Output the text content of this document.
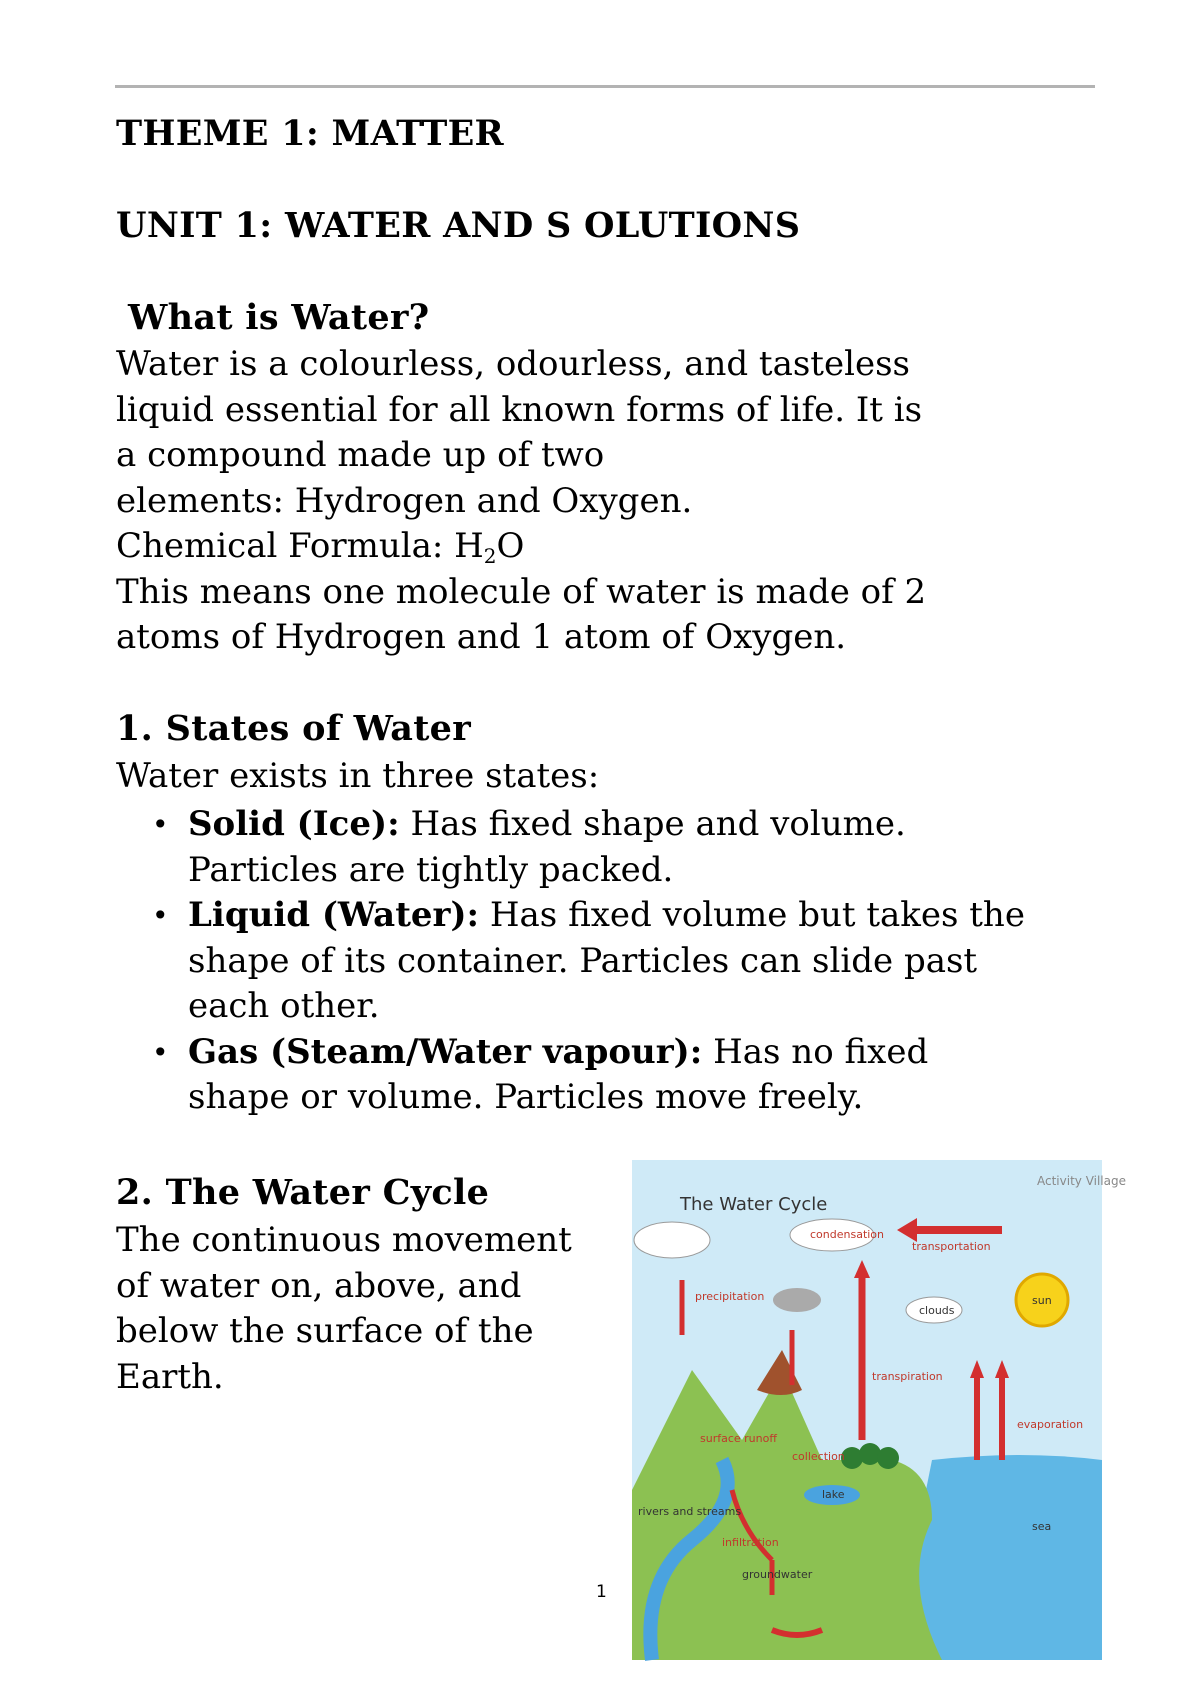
THEME 1: MATTER
UNIT 1: WATER AND S OLUTIONS
What is Water?

Water is a colourless, odourless, and tasteless

liquid essential for all known forms of life. It is

a compound made up of two

elements: Hydrogen and Oxygen.

Chemical Formula: $H_2O$

This means one molecule of water is made of 2

atoms of Hydrogen and 1 atom of Oxygen.

1. States of Water
Water exists in three states:
• Solid (Ice): Has fixed shape and volume.
Particles are tightly packed.
• Liquid (Water): Has fixed volume but takes the
shape of its container. Particles can slide past
each other.
• Gas (Steam/Water vapour): Has no fixed
shape or volume. Particles move freely.
2. The Water Cycle
The continuous movement
of water on, above, and
below the surface of the
Earth.
The Water Cycle
Activity Village
condensation
transportation
precipitation
clouds
sun
transpiration
evaporation
surface runoff
collection
lake
rivers and streams
infiltration
groundwater
sea
1
